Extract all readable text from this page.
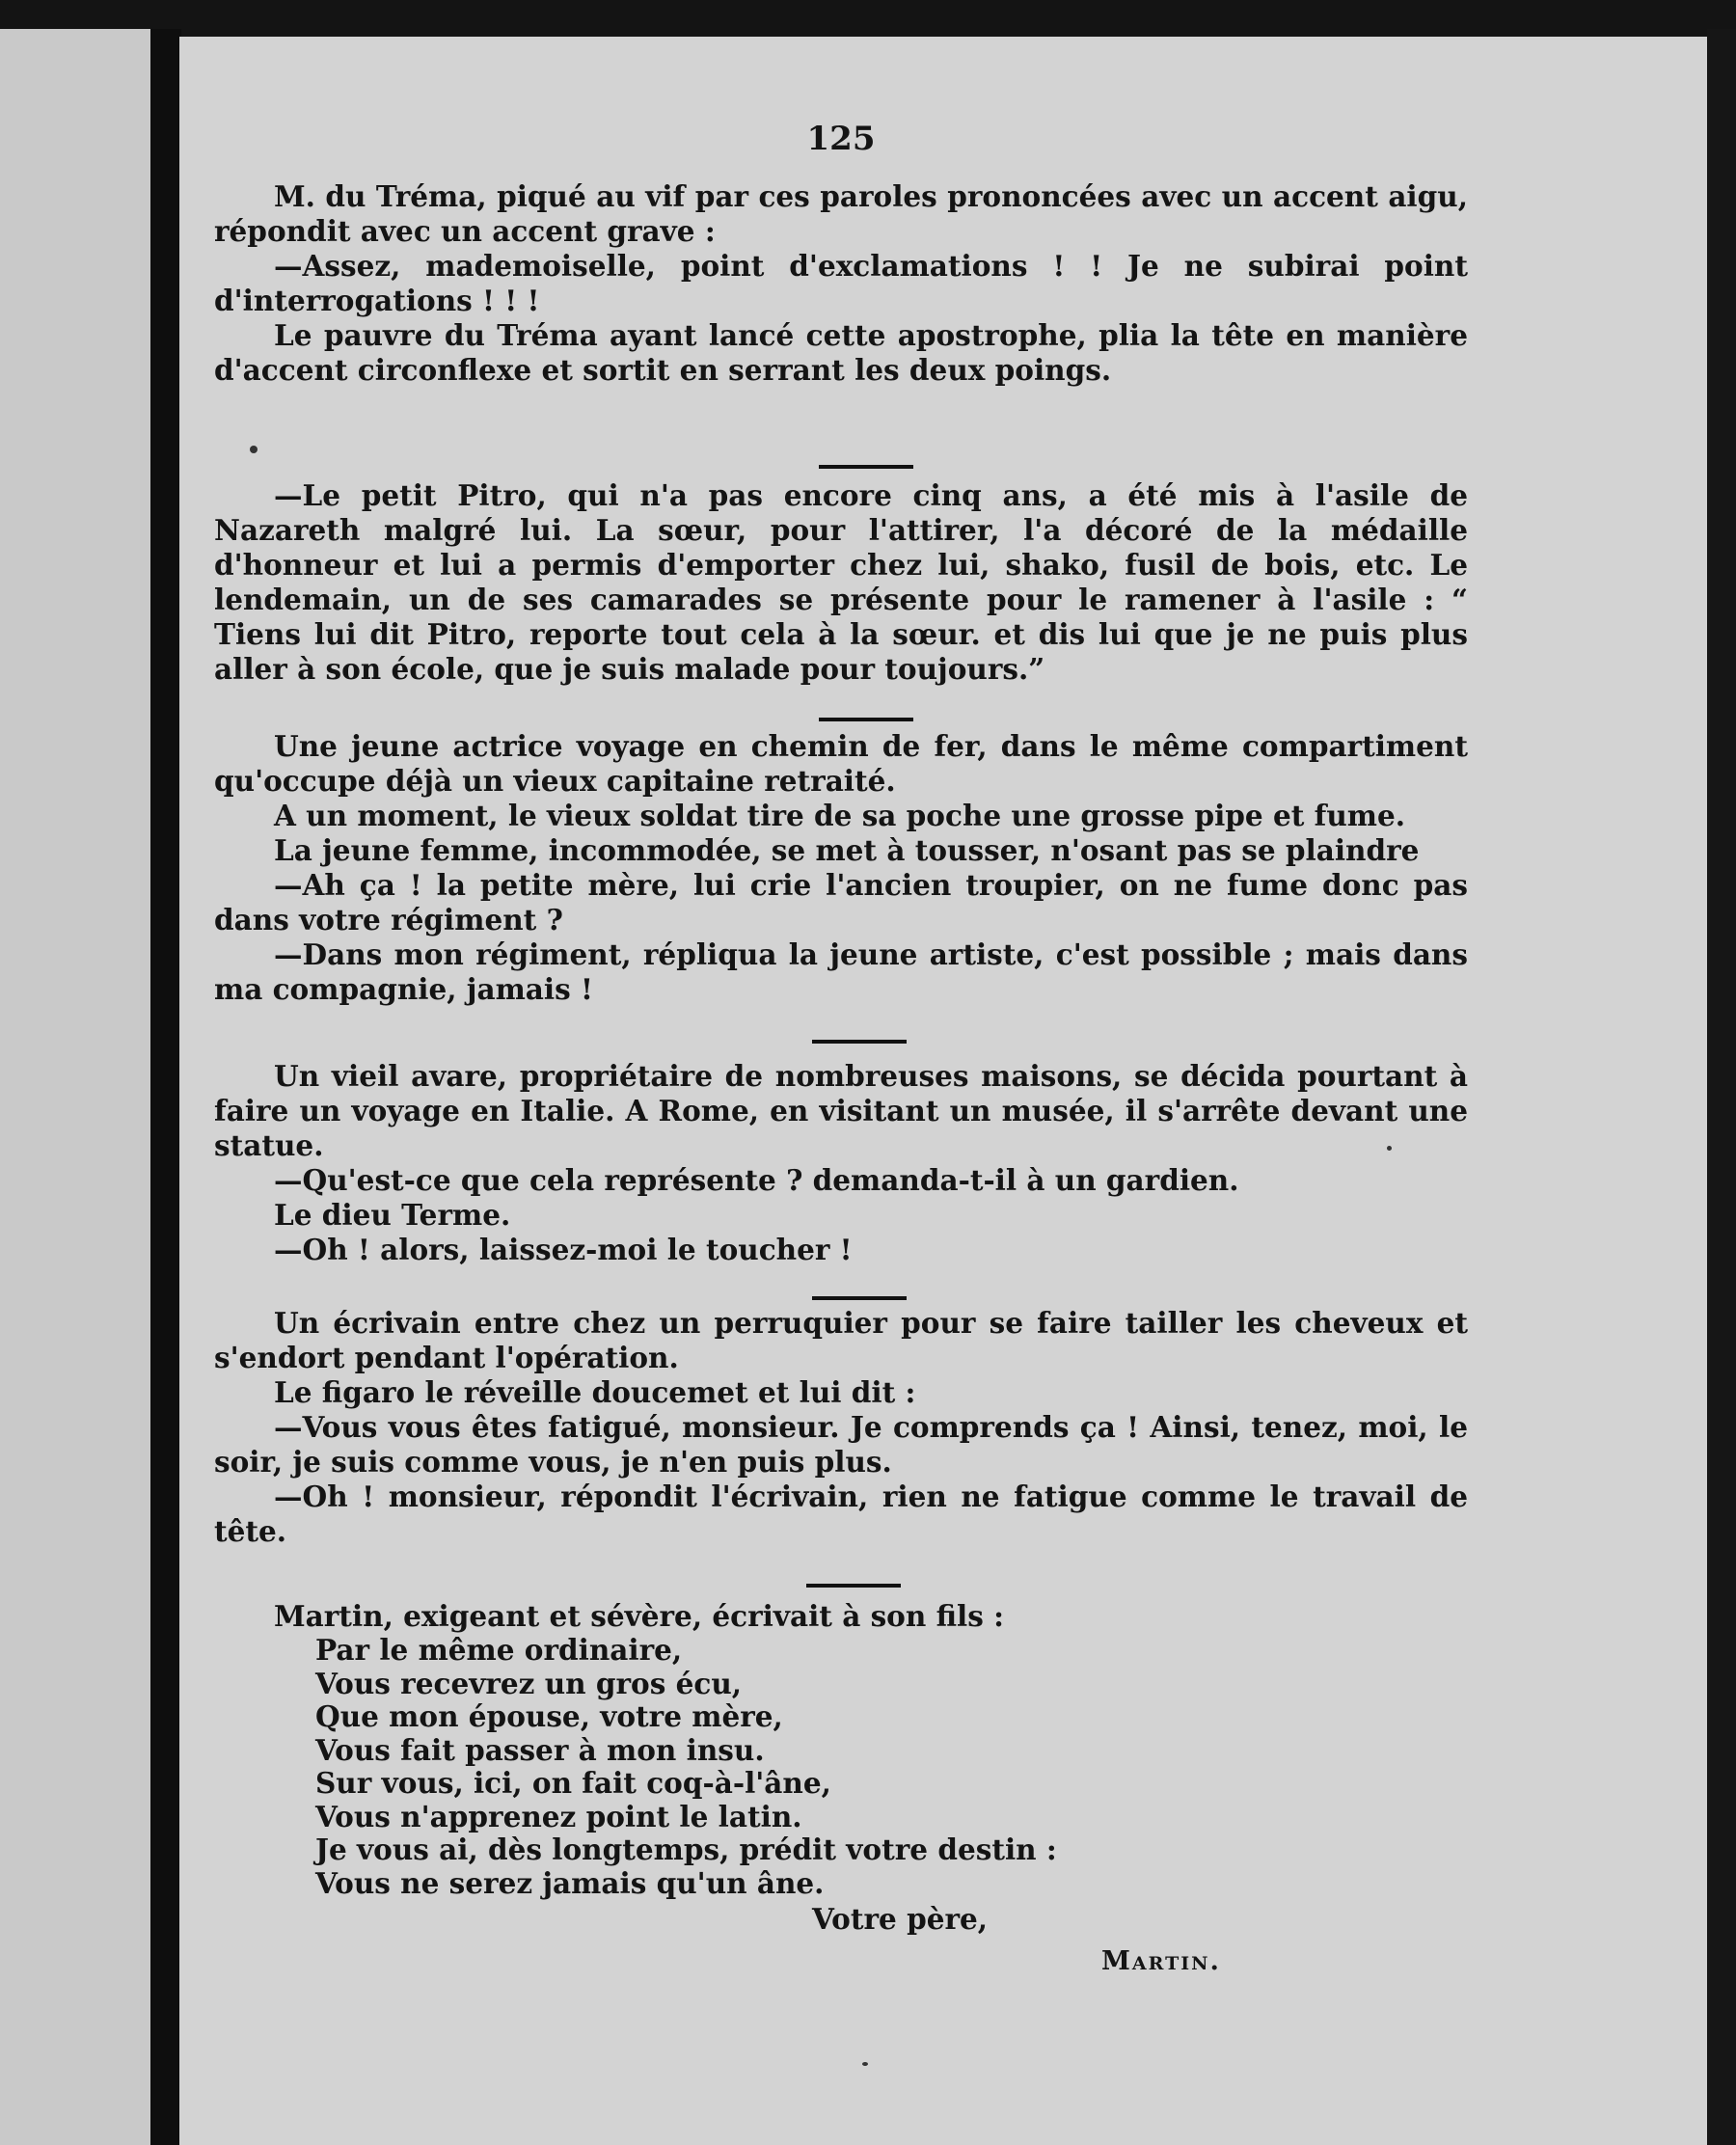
125

M. du Tréma, piqué au vif par ces paroles prononcées avec un accent aigu, répondit avec un accent grave :

—Assez, mademoiselle, point d'exclamations ! ! Je ne subirai point d'interrogations ! ! !

Le pauvre du Tréma ayant lancé cette apostrophe, plia la tête en manière d'accent circonflexe et sortit en serrant les deux poings.

—Le petit Pitro, qui n'a pas encore cinq ans, a été mis à l'asile de Nazareth malgré lui. La sœur, pour l'attirer, l'a décoré de la médaille d'honneur et lui a permis d'emporter chez lui, shako, fusil de bois, etc. Le lendemain, un de ses camarades se présente pour le ramener à l'asile : “ Tiens lui dit Pitro, reporte tout cela à la sœur. et dis lui que je ne puis plus aller à son école, que je suis malade pour toujours.”

Une jeune actrice voyage en chemin de fer, dans le même compartiment qu'occupe déjà un vieux capitaine retraité.

A un moment, le vieux soldat tire de sa poche une grosse pipe et fume.

La jeune femme, incommodée, se met à tousser, n'osant pas se plaindre

—Ah ça ! la petite mère, lui crie l'ancien troupier, on ne fume donc pas dans votre régiment ?

—Dans mon régiment, répliqua la jeune artiste, c'est possible ; mais dans ma compagnie, jamais !

Un vieil avare, propriétaire de nombreuses maisons, se décida pourtant à faire un voyage en Italie. A Rome, en visitant un musée, il s'arrête devant une statue.

—Qu'est-ce que cela représente ? demanda-t-il à un gardien.

Le dieu Terme.

—Oh ! alors, laissez-moi le toucher !

Un écrivain entre chez un perruquier pour se faire tailler les cheveux et s'endort pendant l'opération.

Le figaro le réveille doucemet et lui dit :

—Vous vous êtes fatigué, monsieur. Je comprends ça ! Ainsi, tenez, moi, le soir, je suis comme vous, je n'en puis plus.

—Oh ! monsieur, répondit l'écrivain, rien ne fatigue comme le travail de tête.

Martin, exigeant et sévère, écrivait à son fils :

Par le même ordinaire,
Vous recevrez un gros écu,
Que mon épouse, votre mère,
Vous fait passer à mon insu.
Sur vous, ici, on fait coq-à-l'âne,
Vous n'apprenez point le latin.
Je vous ai, dès longtemps, prédit votre destin :
Vous ne serez jamais qu'un âne.

Votre père,

Martin.
